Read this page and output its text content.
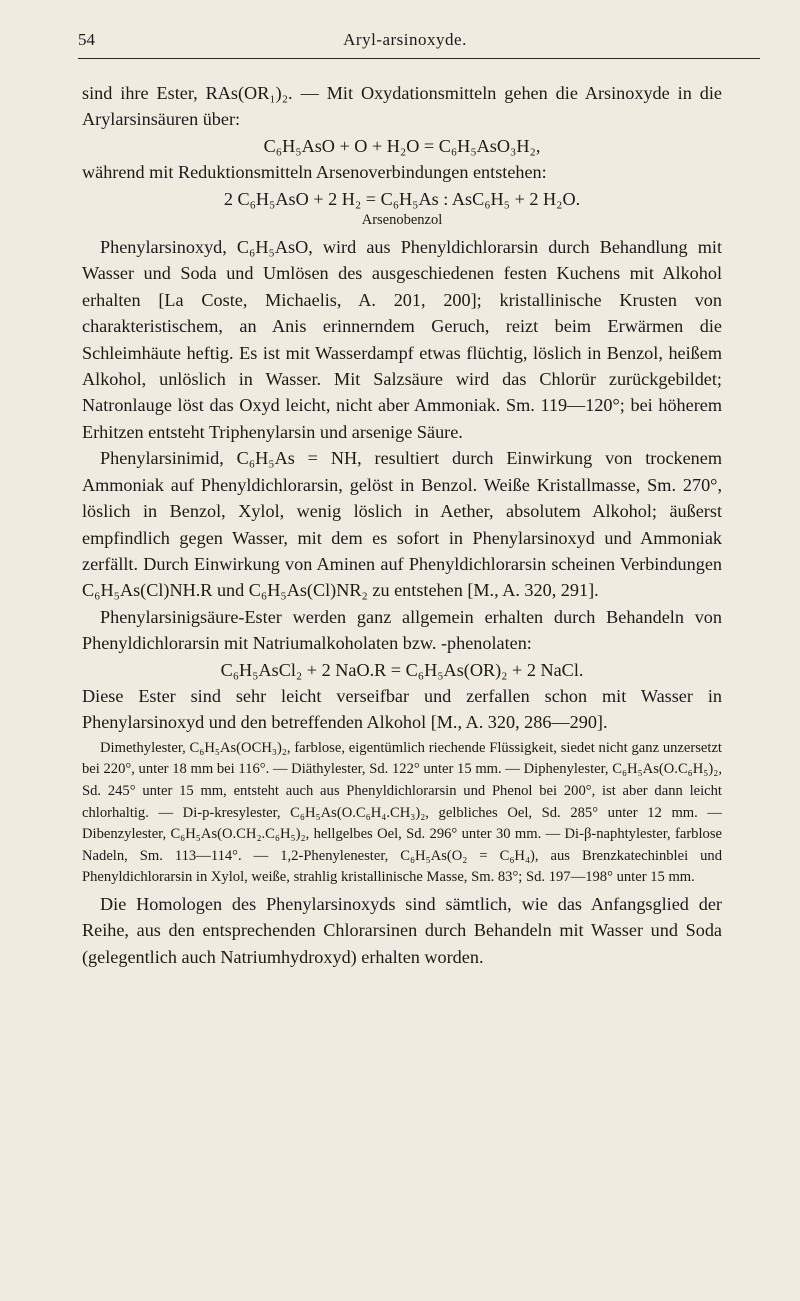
54	Aryl-arsinoxyde.
sind ihre Ester, RAs(OR₁)₂. — Mit Oxydationsmitteln gehen die Arsinoxyde in die Arylarsinsäuren über:
C₆H₅AsO + O + H₂O = C₆H₅AsO₃H₂,
während mit Reduktionsmitteln Arsenoverbindungen entstehen:
2 C₆H₅AsO + 2 H₂ = C₆H₅As : AsC₆H₅ + 2 H₂O.
Arsenobenzol
Phenylarsinoxyd, C₆H₅AsO, wird aus Phenyldichlorarsin durch Behandlung mit Wasser und Soda und Umlösen des ausgeschiedenen festen Kuchens mit Alkohol erhalten [La Coste, Michaelis, A. 201, 200]; kristallinische Krusten von charakteristischem, an Anis erinnerndem Geruch, reizt beim Erwärmen die Schleimhäute heftig. Es ist mit Wasserdampf etwas flüchtig, löslich in Benzol, heißem Alkohol, unlöslich in Wasser. Mit Salzsäure wird das Chlorür zurückgebildet; Natronlauge löst das Oxyd leicht, nicht aber Ammoniak. Sm. 119—120°; bei höherem Erhitzen entsteht Triphenylarsin und arsenige Säure.
Phenylarsinimid, C₆H₅As = NH, resultiert durch Einwirkung von trockenem Ammoniak auf Phenyldichlorarsin, gelöst in Benzol. Weiße Kristallmasse, Sm. 270°, löslich in Benzol, Xylol, wenig löslich in Aether, absolutem Alkohol; äußerst empfindlich gegen Wasser, mit dem es sofort in Phenylarsinoxyd und Ammoniak zerfällt. Durch Einwirkung von Aminen auf Phenyldichlorarsin scheinen Verbindungen C₆H₅As(Cl)NH.R und C₆H₅As(Cl)NR₂ zu entstehen [M., A. 320, 291].
Phenylarsinigsäure-Ester werden ganz allgemein erhalten durch Behandeln von Phenyldichlorarsin mit Natriumalkoholaten bzw. -phenolaten:
C₆H₅AsCl₂ + 2 NaO.R = C₆H₅As(OR)₂ + 2 NaCl.
Diese Ester sind sehr leicht verseifbar und zerfallen schon mit Wasser in Phenylarsinoxyd und den betreffenden Alkohol [M., A. 320, 286—290].
Dimethylester, C₆H₅As(OCH₃)₂, farblose, eigentümlich riechende Flüssigkeit, siedet nicht ganz unzersetzt bei 220°, unter 18 mm bei 116°. — Diäthylester, Sd. 122° unter 15 mm. — Diphenylester, C₆H₅As(O.C₆H₅)₂, Sd. 245° unter 15 mm, entsteht auch aus Phenyldichlorarsin und Phenol bei 200°, ist aber dann leicht chlorhaltig. — Di-p-kresylester, C₆H₅As(O.C₆H₄.CH₃)₂, gelbliches Oel, Sd. 285° unter 12 mm. — Dibenzylester, C₆H₅As(O.CH₂.C₆H₅)₂, hellgelbes Oel, Sd. 296° unter 30 mm. — Di-β-naphtylester, farblose Nadeln, Sm. 113—114°. — 1,2-Phenylenester, C₆H₅As(O₂ = C₆H₄), aus Brenzkatechinblei und Phenyldichlorarsin in Xylol, weiße, strahlig kristallinische Masse, Sm. 83°; Sd. 197—198° unter 15 mm.
Die Homologen des Phenylarsinoxyds sind sämtlich, wie das Anfangsglied der Reihe, aus den entsprechenden Chlorarsinen durch Behandeln mit Wasser und Soda (gelegentlich auch Natriumhydroxyd) erhalten worden.
